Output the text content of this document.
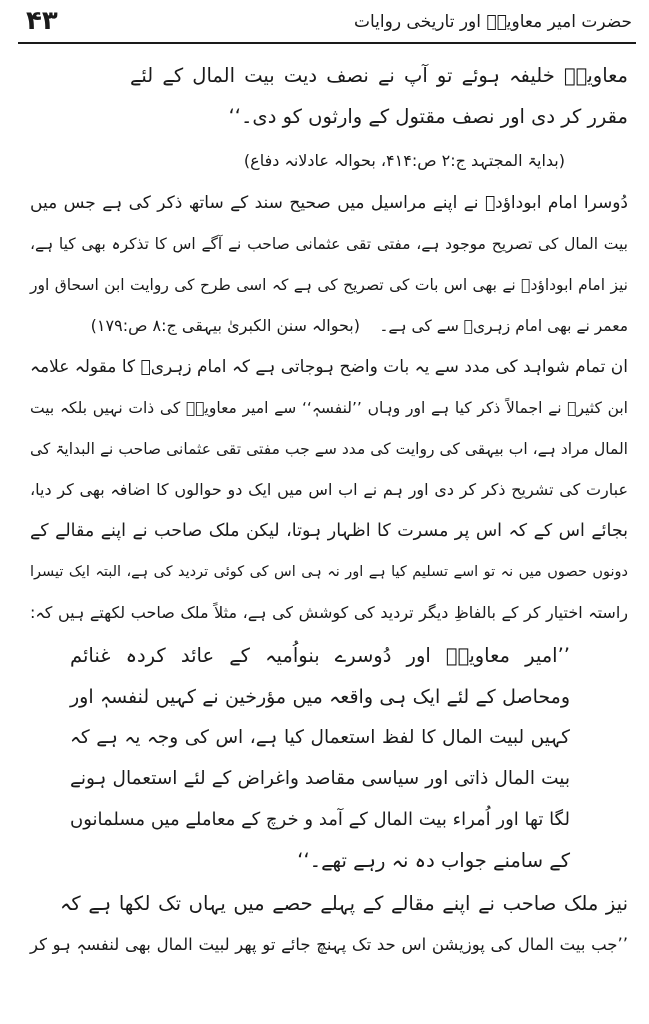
۴۳	حضرت امیر معاویہؓ اور تاریخی روایات
معاویہؓ خلیفہ ہوئے تو آپ نے نصف دیت بیت المال کے لئے
مقرر کر دی اور نصف مقتول کے وارثوں کو دی۔‘‘
(بدایۃ المجتہد ج:۲ ص:۴۱۴، بحوالہ عادلانہ دفاع)
دُوسرا امام ابوداؤدؒ نے اپنے مراسیل میں صحیح سند کے ساتھ ذکر کی ہے جس میں
بیت المال کی تصریح موجود ہے، مفتی تقی عثمانی صاحب نے آگے اس کا تذکرہ بھی کیا ہے،
نیز امام ابوداؤدؒ نے بھی اس بات کی تصریح کی ہے کہ اسی طرح کی روایت ابن اسحاق اور
معمر نے بھی امام زہریؒ سے کی ہے۔
(بحوالہ سنن الکبریٰ بیہقی ج:۸ ص:۱۷۹)
ان تمام شواہد کی مدد سے یہ بات واضح ہوجاتی ہے کہ امام زہریؒ کا مقولہ علامہ
ابن کثیرؒ نے اجمالاً ذکر کیا ہے اور وہاں ’’لنفسہٖ‘‘ سے امیر معاویہؓ کی ذات نہیں بلکہ بیت
المال مراد ہے، اب بیہقی کی روایت کی مدد سے جب مفتی تقی عثمانی صاحب نے البدایۃ کی
عبارت کی تشریح ذکر کر دی اور ہم نے اب اس میں ایک دو حوالوں کا اضافہ بھی کر دیا،
بجائے اس کے کہ اس پر مسرت کا اظہار ہوتا، لیکن ملک صاحب نے اپنے مقالے کے
دونوں حصوں میں نہ تو اسے تسلیم کیا ہے اور نہ ہی اس کی کوئی تردید کی ہے، البتہ ایک تیسرا
راستہ اختیار کر کے بالفاظِ دیگر تردید کی کوشش کی ہے، مثلاً ملک صاحب لکھتے ہیں کہ:
’’امیر معاویہؓ اور دُوسرے بنواُمیہ کے عائد کردہ غنائم
ومحاصل کے لئے ایک ہی واقعہ میں مؤرخین نے کہیں لنفسہٖ اور
کہیں لبیت المال کا لفظ استعمال کیا ہے، اس کی وجہ یہ ہے کہ
بیت المال ذاتی اور سیاسی مقاصد واغراض کے لئے استعمال ہونے
لگا تھا اور اُمراء بیت المال کے آمد و خرچ کے معاملے میں مسلمانوں
کے سامنے جواب دہ نہ رہے تھے۔‘‘
نیز ملک صاحب نے اپنے مقالے کے پہلے حصے میں یہاں تک لکھا ہے کہ
’’جب بیت المال کی پوزیشن اس حد تک پہنچ جائے تو پھر لبیت المال بھی لنفسہٖ ہو کر
